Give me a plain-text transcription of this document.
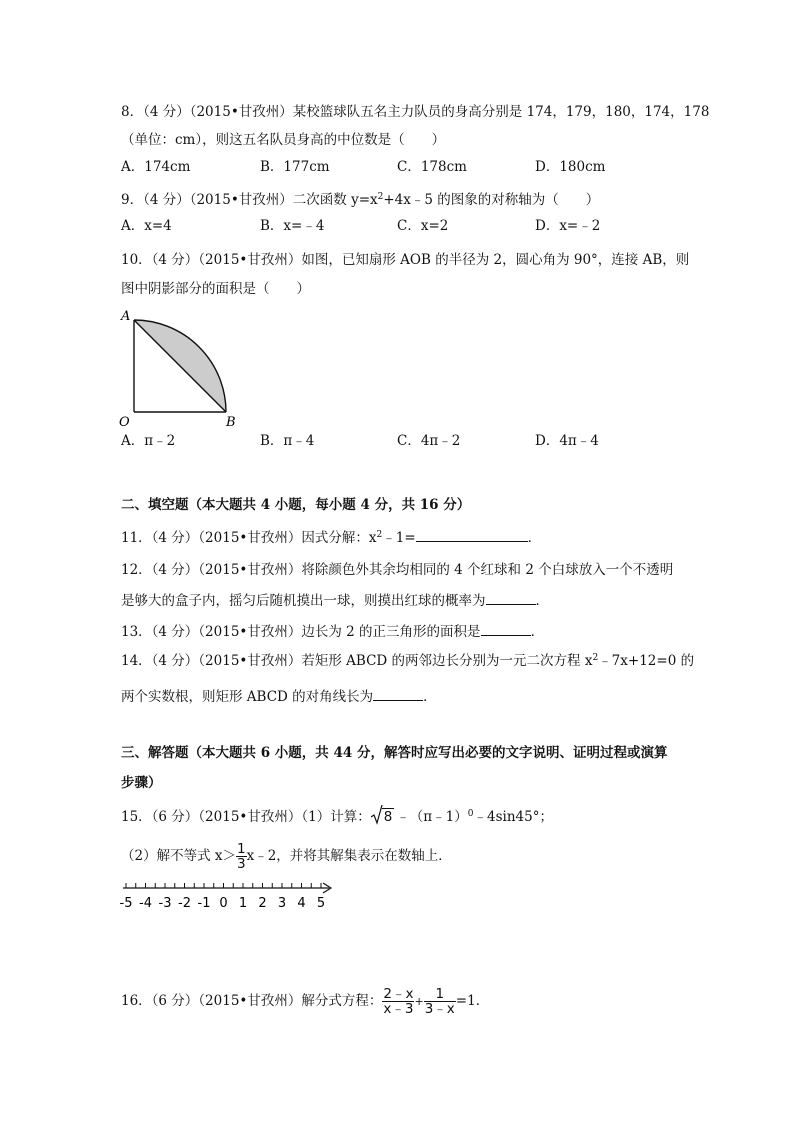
8．（4 分）（2015•甘孜州）某校篮球队五名主力队员的身高分别是 174，179，180，174，178
（单位：cm），则这五名队员身高的中位数是（　　）
A．174cm	B．177cm	C．178cm	D．180cm
9．（4 分）（2015•甘孜州）二次函数 $y=x^2+4x﹣5$ 的图象的对称轴为（　　）
A．x=4	B．x=﹣4	C．x=2	D．x=﹣2
10．（4 分）（2015•甘孜州）如图，已知扇形 AOB 的半径为 2，圆心角为 90°，连接 AB，则
图中阴影部分的面积是（　　）
A
O	B
A．π﹣2	B．π﹣4	C．4π﹣2	D．4π﹣4
二、填空题（本大题共 4 小题，每小题 4 分，共 16 分）
11．（4 分）（2015•甘孜州）因式分解：$x^2﹣1=$	．
12．（4 分）（2015•甘孜州）将除颜色外其余均相同的 4 个红球和 2 个白球放入一个不透明
是够大的盒子内，摇匀后随机摸出一球，则摸出红球的概率为	．
13．（4 分）（2015•甘孜州）边长为 2 的正三角形的面积是	．
14．（4 分）（2015•甘孜州）若矩形 ABCD 的两邻边长分别为一元二次方程 $x^2﹣7x+12=0$ 的
两个实数根，则矩形 ABCD 的对角线长为	．
三、解答题（本大题共 6 小题，共 44 分，解答时应写出必要的文字说明、证明过程或演算
步骤）
15．（6 分）（2015•甘孜州）（1）计算： 8 ﹣（π﹣1）$^0$﹣4sin45°；
（2）解不等式 $x> \frac{1}{3}$ x﹣2，并将其解集表示在数轴上．
-5 -4 -3 -2 -1 0 1 2 3 4 5
16．（6 分）（2015•甘孜州）解分式方程： $\frac{2﹣x}{x﹣3} + \frac{1}{3﹣x} =1$．
